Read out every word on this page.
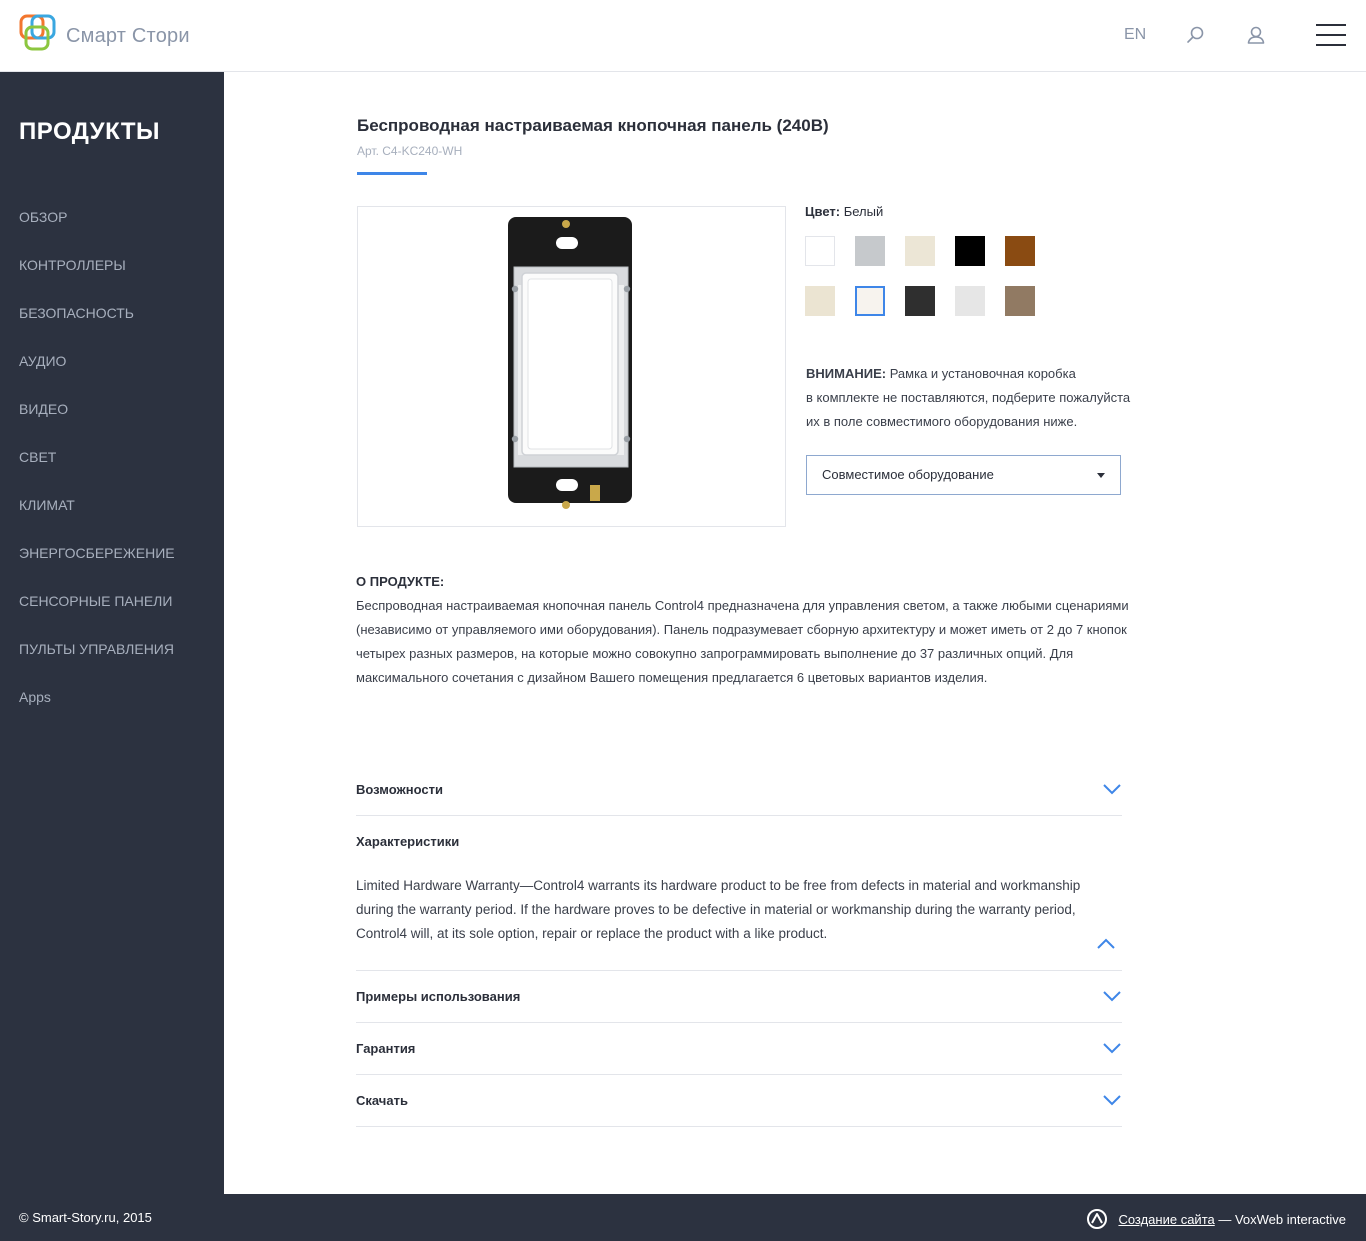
Смарт Стори	EN
ПРОДУКТЫ
ОБЗОР
КОНТРОЛЛЕРЫ
БЕЗОПАСНОСТЬ
АУДИО
ВИДЕО
СВЕТ
КЛИМАТ
ЭНЕРГОСБЕРЕЖЕНИЕ
СЕНСОРНЫЕ ПАНЕЛИ
ПУЛЬТЫ УПРАВЛЕНИЯ
Apps
Беспроводная настраиваемая кнопочная панель (240В)
Арт. C4-KC240-WH
Цвет: Белый
ВНИМАНИЕ: Рамка и установочная коробка
в комплекте не поставляются, подберите пожалуйста
их в поле совместимого оборудования ниже.
Совместимое оборудование
О ПРОДУКТЕ:

Беспроводная настраиваемая кнопочная панель Control4 предназначена для управления светом, а также любыми сценариями (независимо от управляемого ими оборудования). Панель подразумевает сборную архитектуру и может иметь от 2 до 7 кнопок четырех разных размеров, на которые можно совокупно запрограммировать выполнение до 37 различных опций. Для максимального сочетания с дизайном Вашего помещения предлагается 6 цветовых вариантов изделия.

Возможности
Характеристики
Limited Hardware Warranty—Control4 warrants its hardware product to be free from defects in material and workmanship during the warranty period. If the hardware proves to be defective in material or workmanship during the warranty period, Control4 will, at its sole option, repair or replace the product with a like product.
Примеры использования
Гарантия
Скачать
© Smart-Story.ru, 2015	Создание сайта — VoxWeb interactive
